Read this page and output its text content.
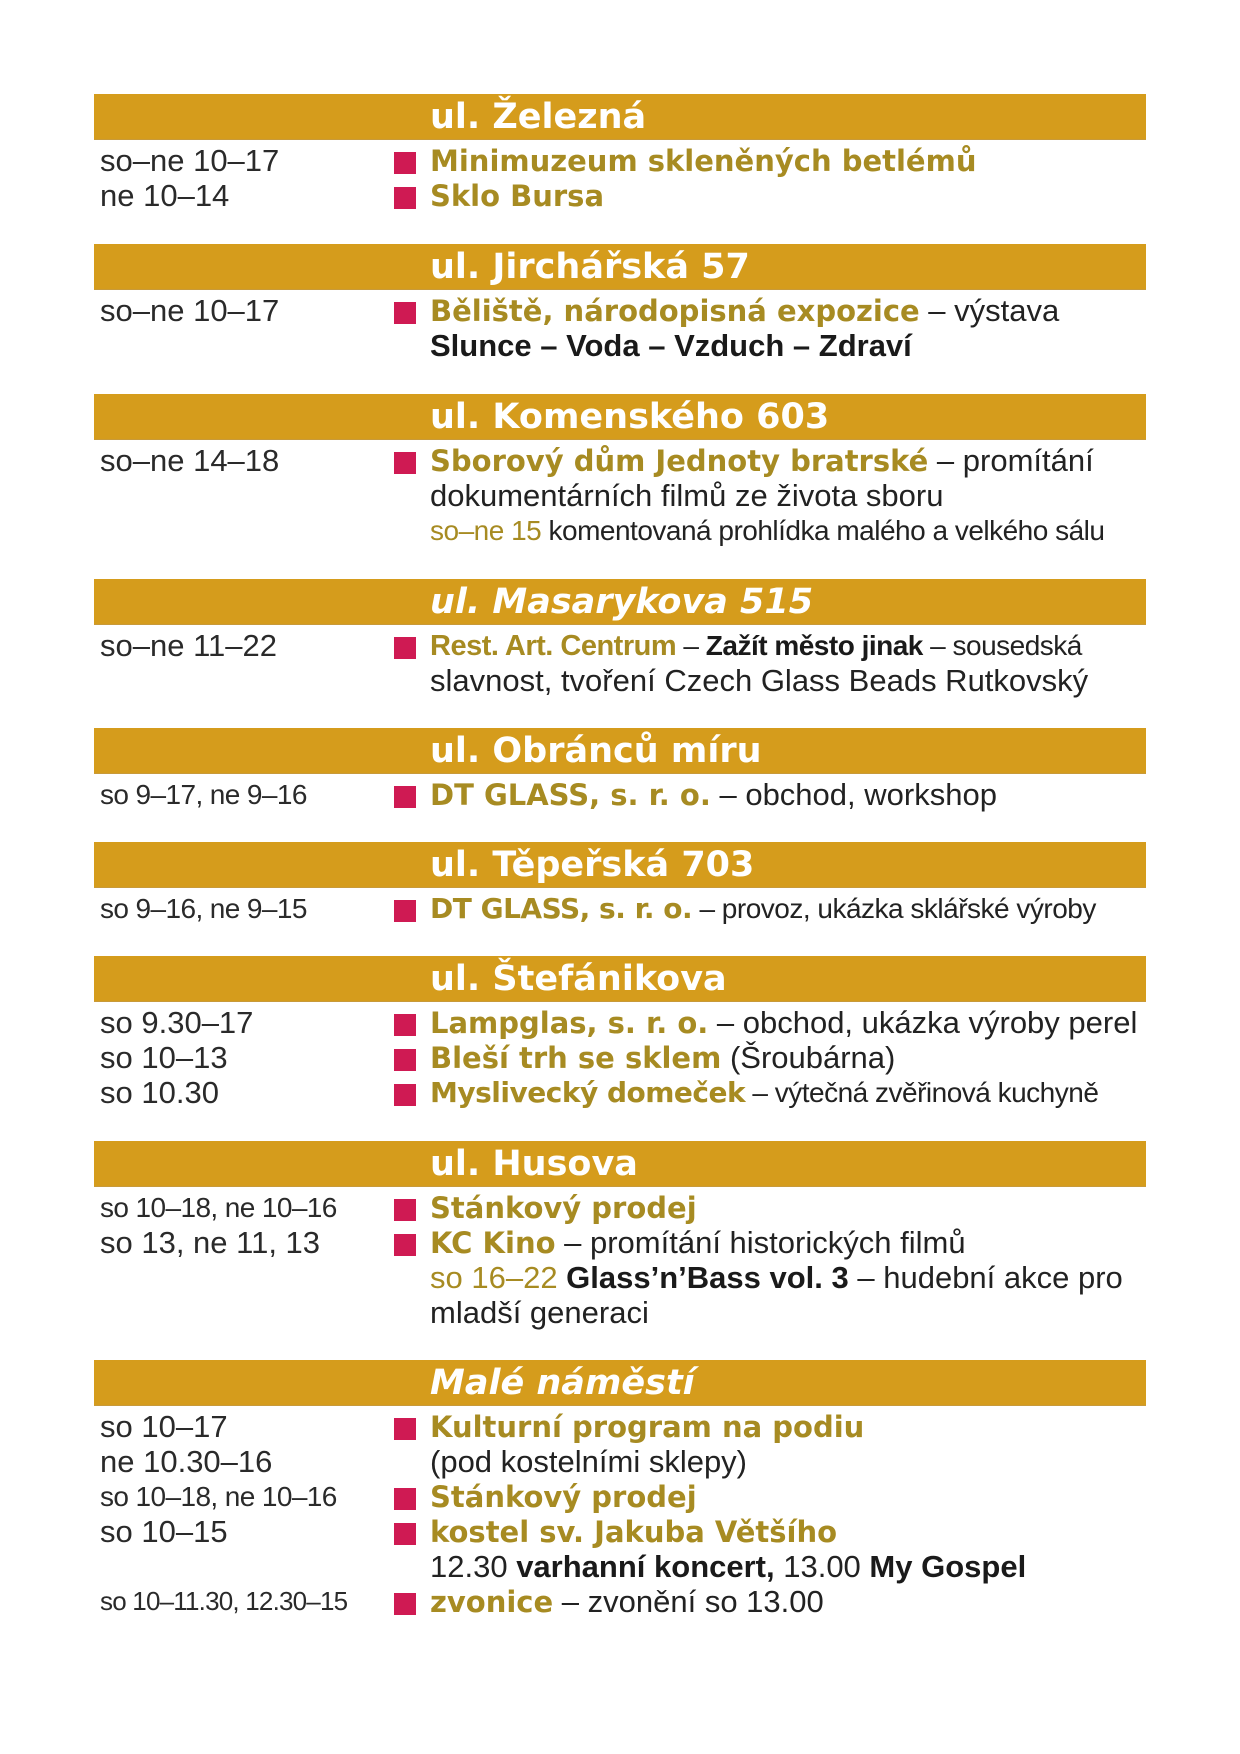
ul. Železná
so–ne 10–17	Minimuzeum skleněných betlémů
ne 10–14	Sklo Bursa
ul. Jirchářská 57
so–ne 10–17	Běliště, národopisná expozice – výstava
Slunce – Voda – Vzduch – Zdraví
ul. Komenského 603
so–ne 14–18	Sborový dům Jednoty bratrské – promítání
dokumentárních filmů ze života sboru
so–ne 15 komentovaná prohlídka malého a velkého sálu
ul. Masarykova 515
so–ne 11–22	Rest. Art. Centrum – Zažít město jinak – sousedská
slavnost, tvoření Czech Glass Beads Rutkovský
ul. Obránců míru
so 9–17, ne 9–16	DT GLASS, s. r. o. – obchod, workshop
ul. Těpeřská 703
so 9–16, ne 9–15	DT GLASS, s. r. o. – provoz, ukázka sklářské výroby
ul. Štefánikova
so 9.30–17	Lampglas, s. r. o. – obchod, ukázka výroby perel
so 10–13	Bleší trh se sklem (Šroubárna)
so 10.30	Myslivecký domeček – výtečná zvěřinová kuchyně
ul. Husova
so 10–18, ne 10–16	Stánkový prodej
so 13, ne 11, 13	KC Kino – promítání historických filmů
so 16–22 Glass’n’Bass vol. 3 – hudební akce pro
mladší generaci
Malé náměstí
so 10–17	Kulturní program na podiu
ne 10.30–16	(pod kostelními sklepy)
so 10–18, ne 10–16	Stánkový prodej
so 10–15	kostel sv. Jakuba Většího
12.30 varhanní koncert, 13.00 My Gospel
so 10–11.30, 12.30–15	zvonice – zvonění so 13.00
